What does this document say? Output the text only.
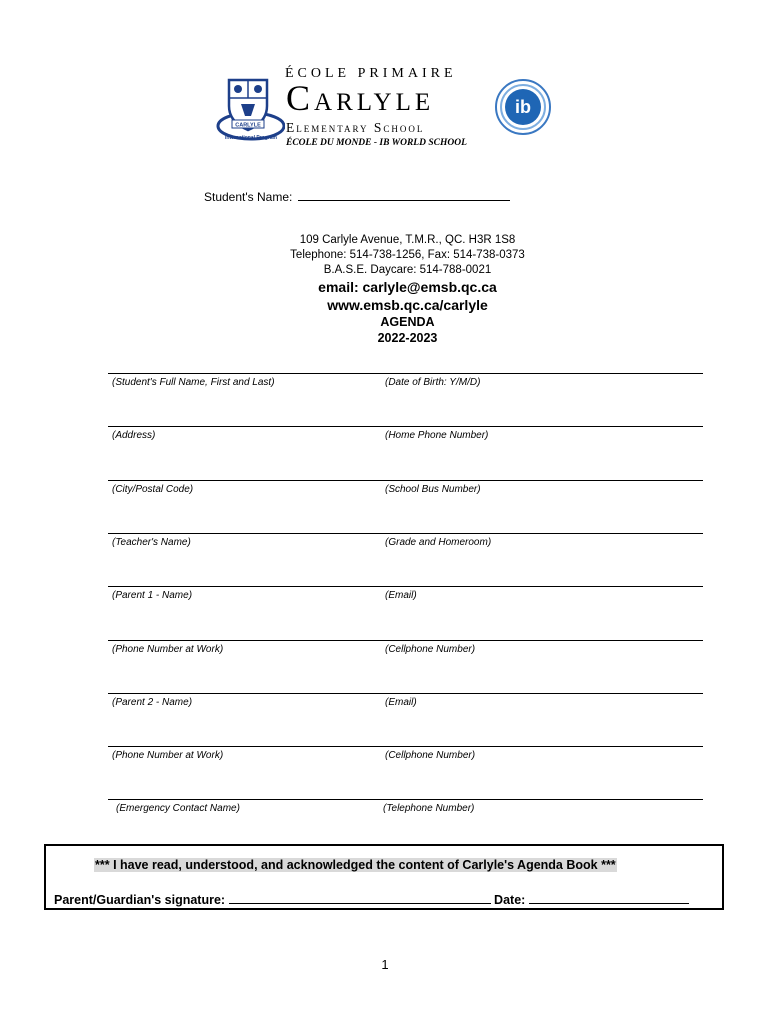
CARLYLE
International Program
ÉCOLE PRIMAIRE
Carlyle
Elementary School
ÉCOLE DU MONDE - IB WORLD SCHOOL
ib
Student's Name:
109 Carlyle Avenue, T.M.R., QC. H3R 1S8
Telephone: 514-738-1256, Fax: 514-738-0373
B.A.S.E. Daycare: 514-788-0021
email: carlyle@emsb.qc.ca
www.emsb.qc.ca/carlyle
AGENDA
2022-2023
(Student's Full Name, First and Last)	(Date of Birth: Y/M/D)
(Address)	(Home Phone Number)
(City/Postal Code)	(School Bus Number)
(Teacher's Name)	(Grade and Homeroom)
(Parent 1 - Name)	(Email)
(Phone Number at Work)	(Cellphone Number)
(Parent 2 - Name)	(Email)
(Phone Number at Work)	(Cellphone Number)
(Emergency Contact Name)	(Telephone Number)
*** I have read, understood, and acknowledged the content of Carlyle's Agenda Book ***
Parent/Guardian's signature:	Date:
1
